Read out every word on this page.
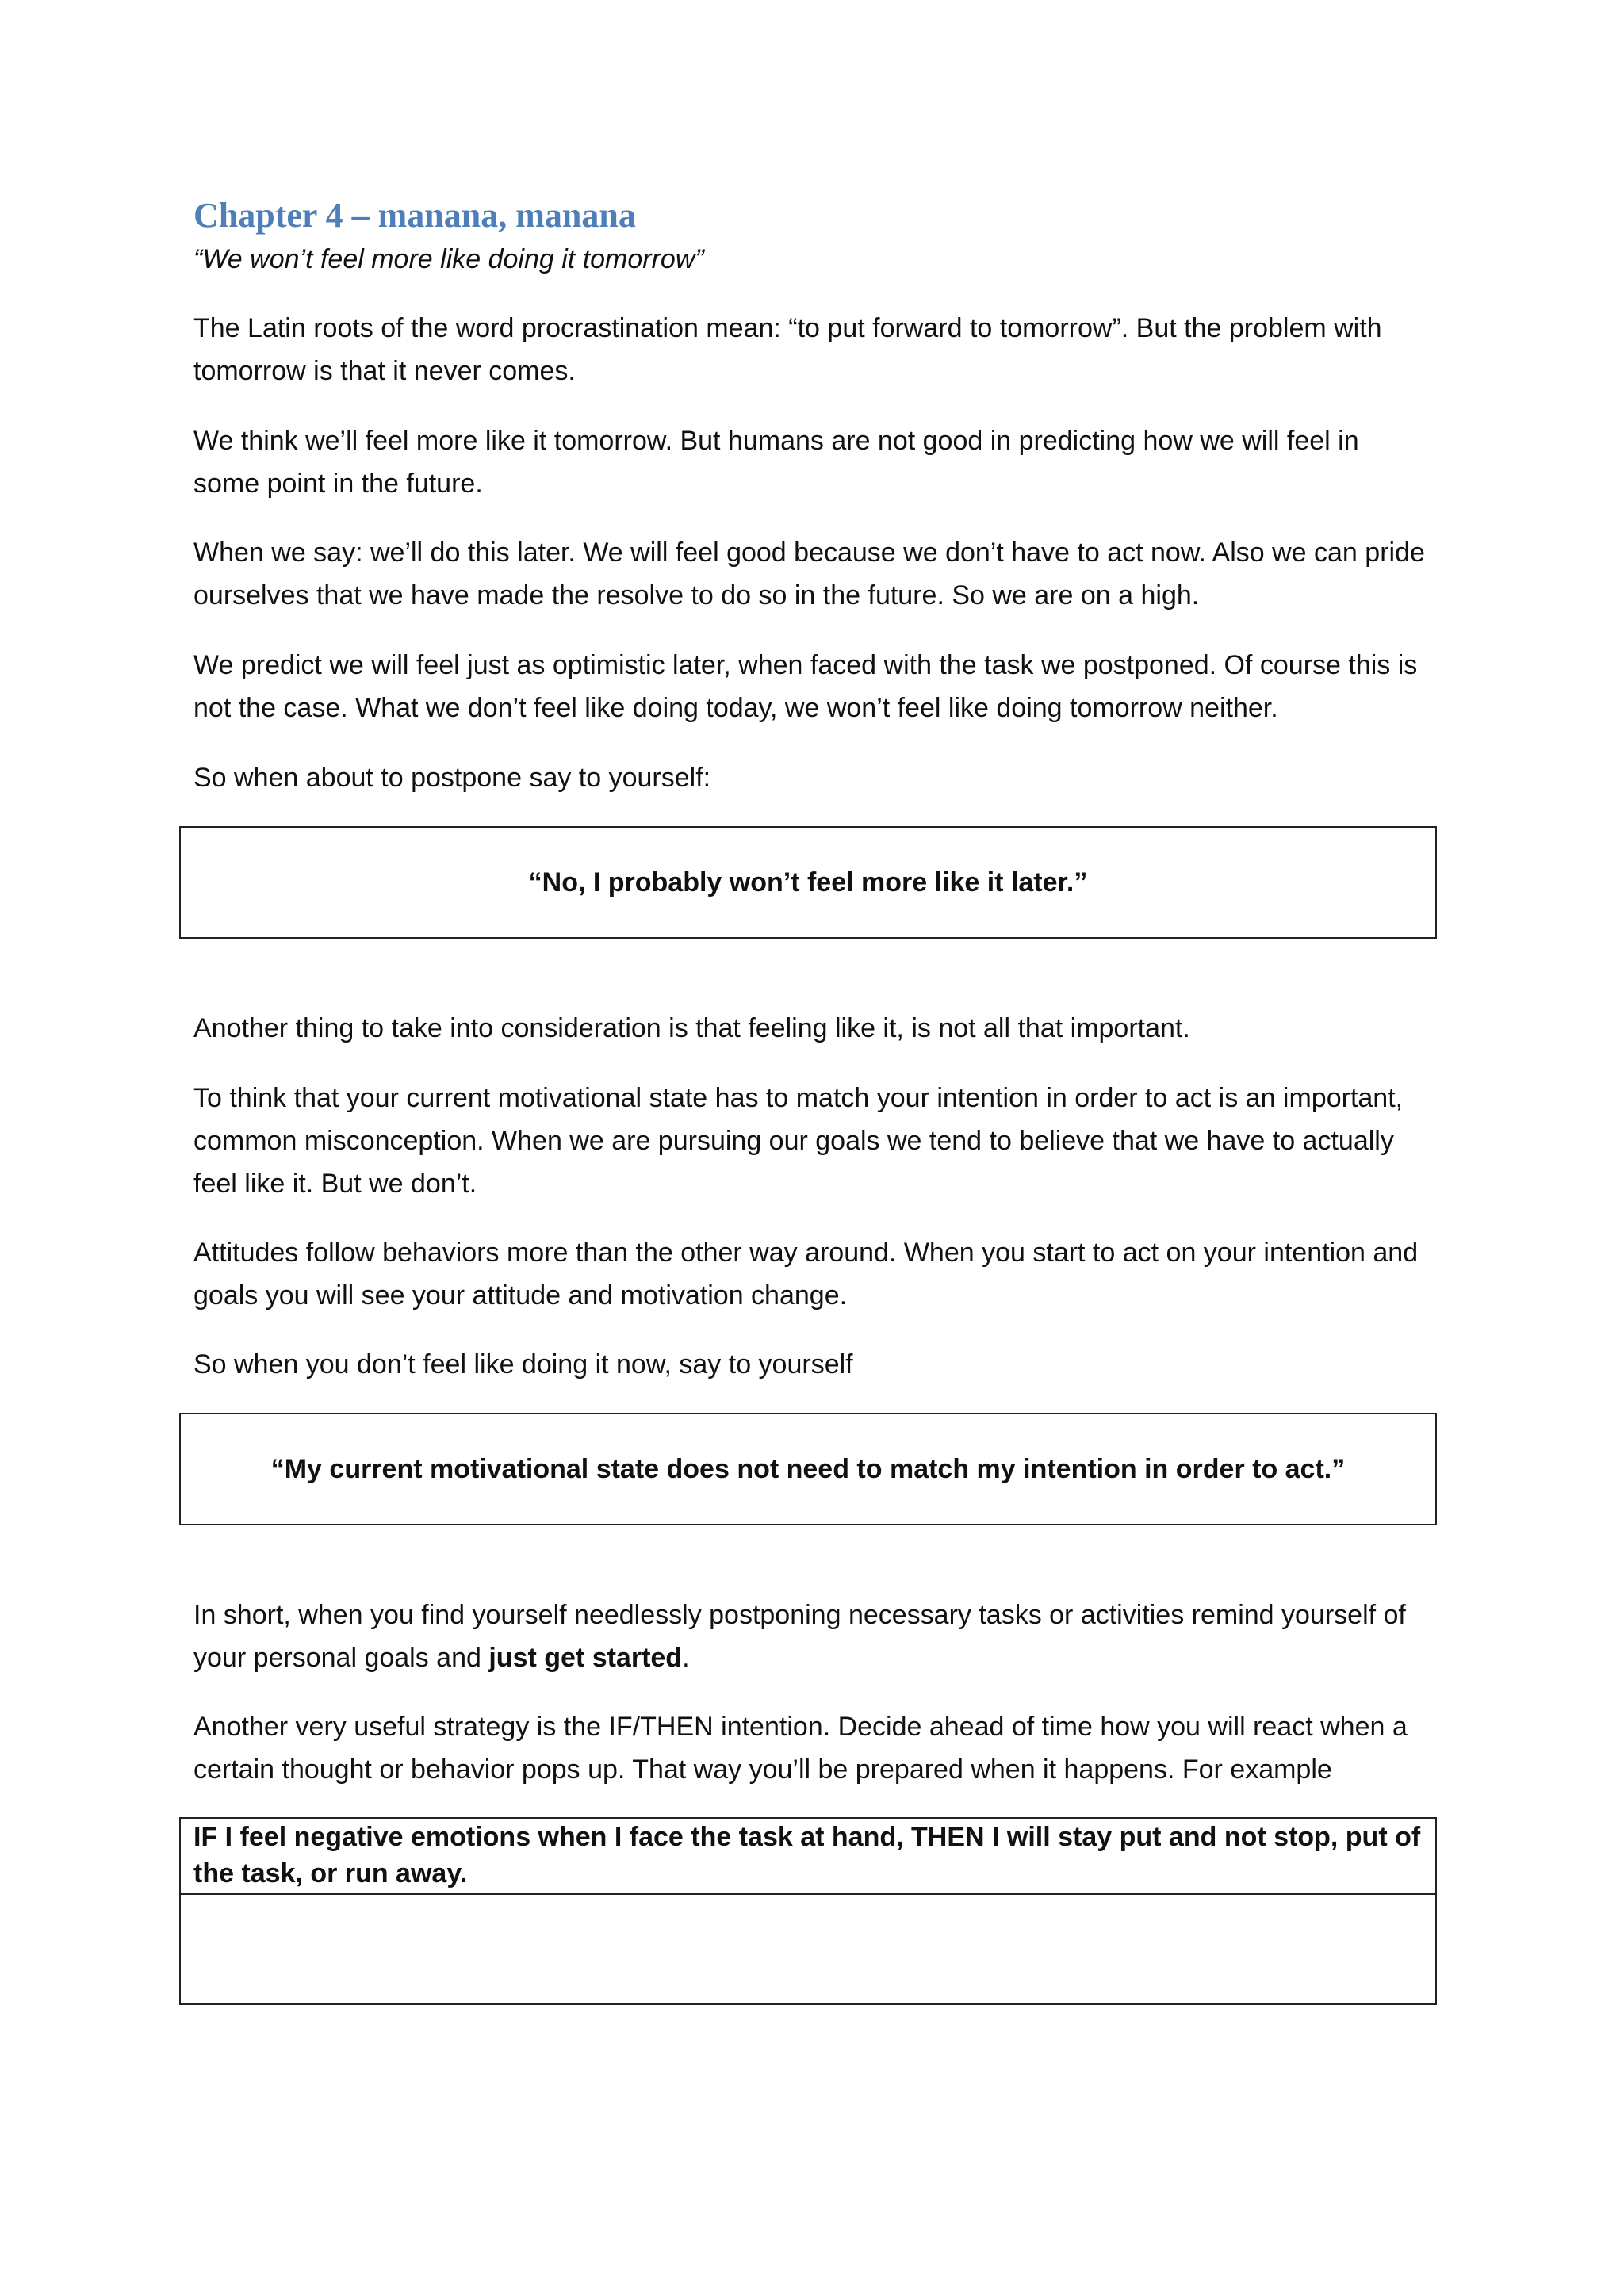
Chapter 4 – manana, manana
“We won’t feel more like doing it tomorrow”

The Latin roots of the word procrastination mean: “to put forward to tomorrow”. But the problem with tomorrow is that it never comes.

We think we’ll feel more like it tomorrow. But humans are not good in predicting how we will feel in some point in the future.

When we say: we’ll do this later. We will feel good because we don’t have to act now. Also we can pride ourselves that we have made the resolve to do so in the future. So we are on a high.

We predict we will feel just as optimistic later, when faced with the task we postponed. Of course this is not the case. What we don’t feel like doing today, we won’t feel like doing tomorrow neither.

So when about to postpone say to yourself:

“No, I probably won’t feel more like it later.”

Another thing to take into consideration is that feeling like it, is not all that important.

To think that your current motivational state has to match your intention in order to act is an important, common misconception. When we are pursuing our goals we tend to believe that we have to actually feel like it. But we don’t.

Attitudes follow behaviors more than the other way around. When you start to act on your intention and goals you will see your attitude and motivation change.

So when you don’t feel like doing it now, say to yourself

“My current motivational state does not need to match my intention in order to act.”

In short, when you find yourself needlessly postponing necessary tasks or activities remind yourself of your personal goals and just get started.

Another very useful strategy is the IF/THEN intention. Decide ahead of time how you will react when a certain thought or behavior pops up. That way you’ll be prepared when it happens. For example

IF I feel negative emotions when I face the task at hand, THEN I will stay put and not stop, put of the task, or run away.
